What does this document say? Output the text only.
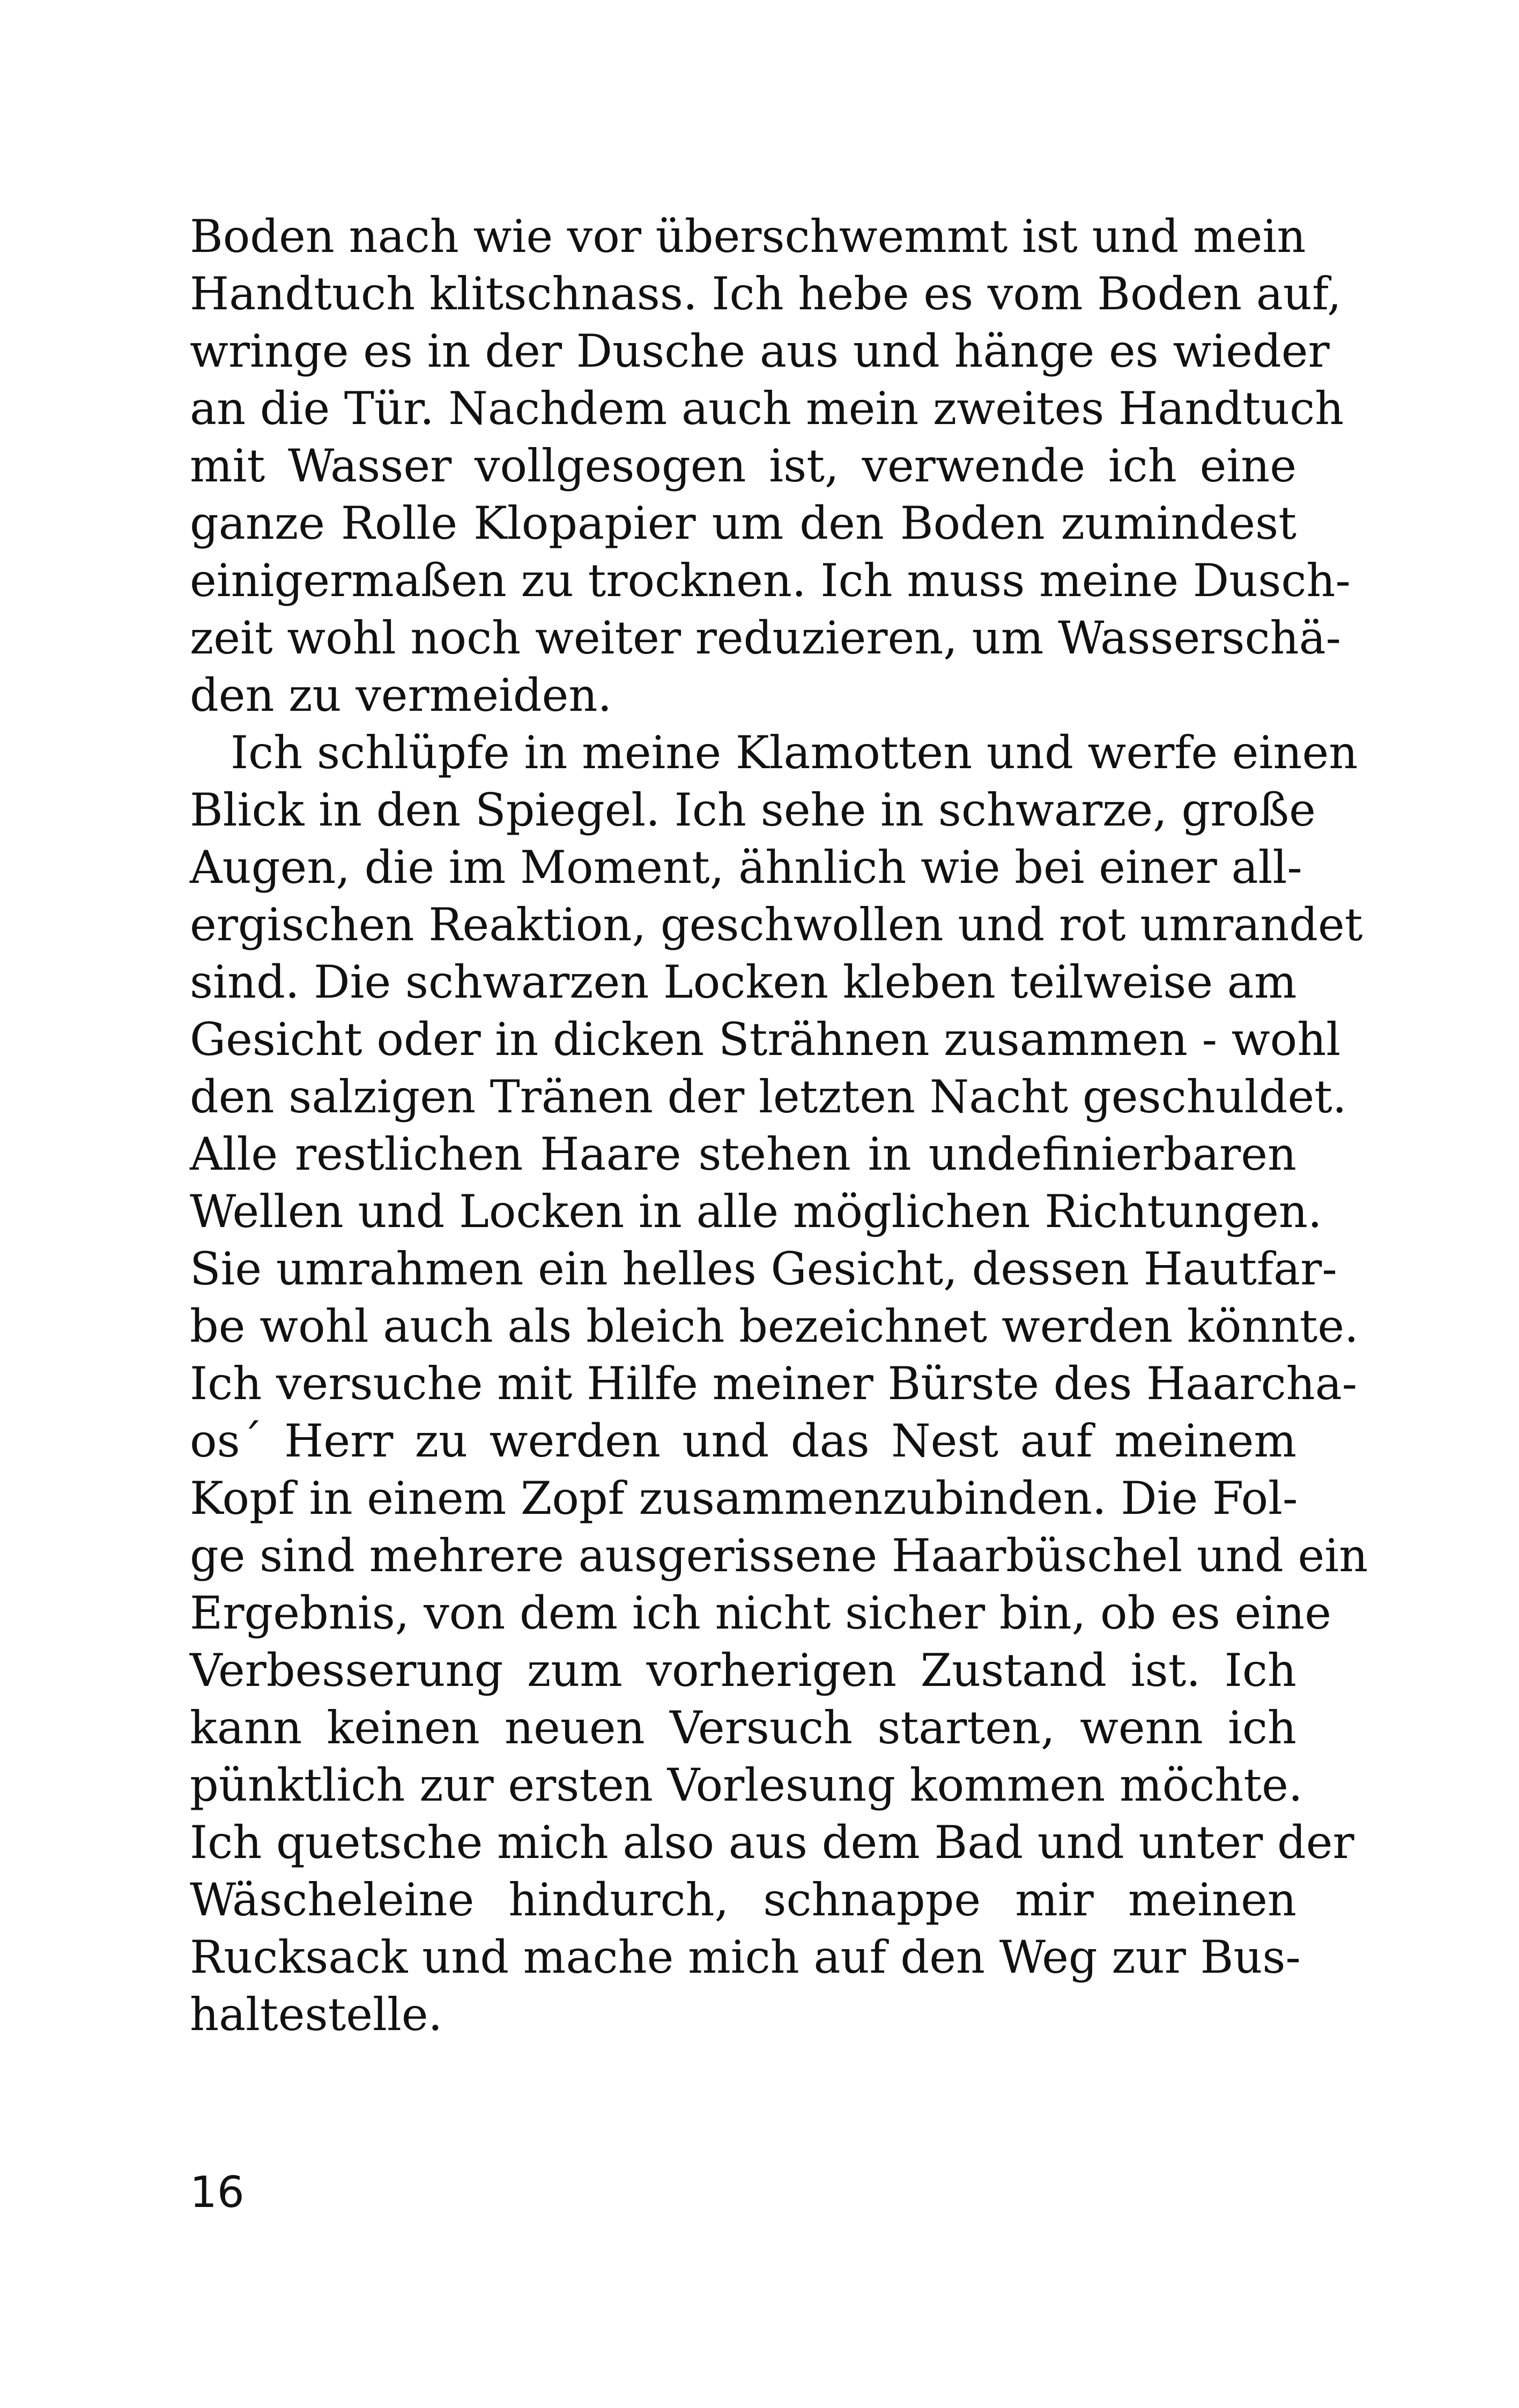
Boden nach wie vor überschwemmt ist und mein
Handtuch klitschnass. Ich hebe es vom Boden auf,
wringe es in der Dusche aus und hänge es wieder
an die Tür. Nachdem auch mein zweites Handtuch
mit Wasser vollgesogen ist, verwende ich eine
ganze Rolle Klopapier um den Boden zumindest
einigermaßen zu trocknen. Ich muss meine Dusch-
zeit wohl noch weiter reduzieren, um Wasserschä-
den zu vermeiden.
Ich schlüpfe in meine Klamotten und werfe einen
Blick in den Spiegel. Ich sehe in schwarze, große
Augen, die im Moment, ähnlich wie bei einer all-
ergischen Reaktion, geschwollen und rot umrandet
sind. Die schwarzen Locken kleben teilweise am
Gesicht oder in dicken Strähnen zusammen - wohl
den salzigen Tränen der letzten Nacht geschuldet.
Alle restlichen Haare stehen in undefinierbaren
Wellen und Locken in alle möglichen Richtungen.
Sie umrahmen ein helles Gesicht, dessen Hautfar-
be wohl auch als bleich bezeichnet werden könnte.
Ich versuche mit Hilfe meiner Bürste des Haarcha-
os´ Herr zu werden und das Nest auf meinem
Kopf in einem Zopf zusammenzubinden. Die Fol-
ge sind mehrere ausgerissene Haarbüschel und ein
Ergebnis, von dem ich nicht sicher bin, ob es eine
Verbesserung zum vorherigen Zustand ist. Ich
kann keinen neuen Versuch starten, wenn ich
pünktlich zur ersten Vorlesung kommen möchte.
Ich quetsche mich also aus dem Bad und unter der
Wäscheleine hindurch, schnappe mir meinen
Rucksack und mache mich auf den Weg zur Bus-
haltestelle.
16
